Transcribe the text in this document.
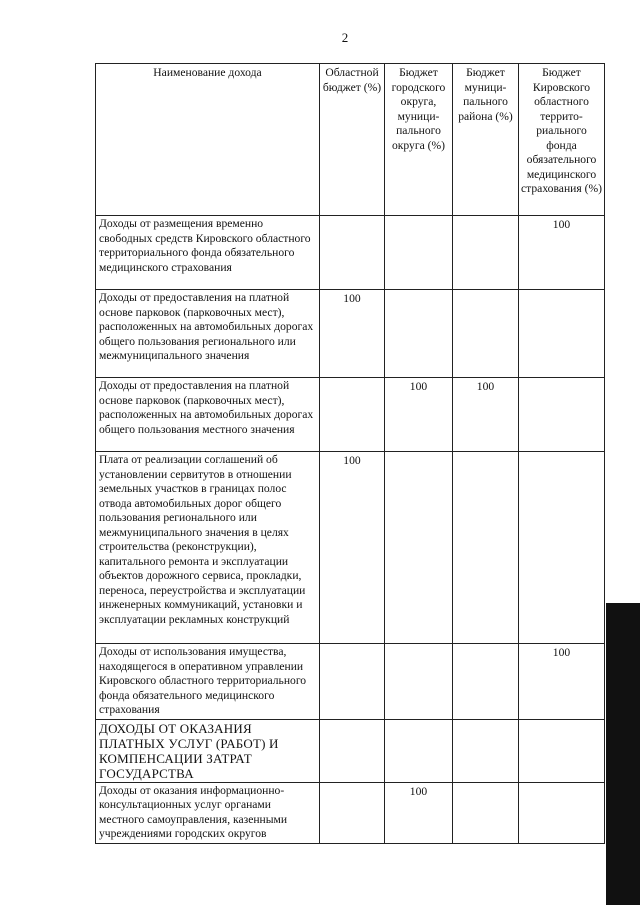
2
Наименование дохода	Областной бюджет (%)	Бюджет городского округа, муници-пального округа (%)	Бюджет муници-пального района (%)	Бюджет Кировского областного террито-риального фонда обязательного медицинского страхования (%)
Доходы от размещения временно свободных средств Кировского областного территориального фонда обязательного медицинского страхования				100
Доходы от предоставления на платной основе парковок (парковочных мест), расположенных на автомобильных дорогах общего пользования регионального или межмуниципального значения	100			
Доходы от предоставления на платной основе парковок (парковочных мест), расположенных на автомобильных дорогах общего пользования местного значения		100	100	
Плата от реализации соглашений об установлении сервитутов в отношении земельных участков в границах полос отвода автомобильных дорог общего пользования регионального или межмуниципального значения в целях строительства (реконструкции), капитального ремонта и эксплуатации объектов дорожного сервиса, прокладки, переноса, переустройства и эксплуатации инженерных коммуникаций, установки и эксплуатации рекламных конструкций	100			
Доходы от использования имущества, находящегося в оперативном управлении Кировского областного территориального фонда обязательного медицинского страхования				100
ДОХОДЫ ОТ ОКАЗАНИЯ ПЛАТНЫХ УСЛУГ (РАБОТ) И КОМПЕНСАЦИИ ЗАТРАТ ГОСУДАРСТВА				
Доходы от оказания информационно-консультационных услуг органами местного самоуправления, казенными учреждениями городских округов		100		
